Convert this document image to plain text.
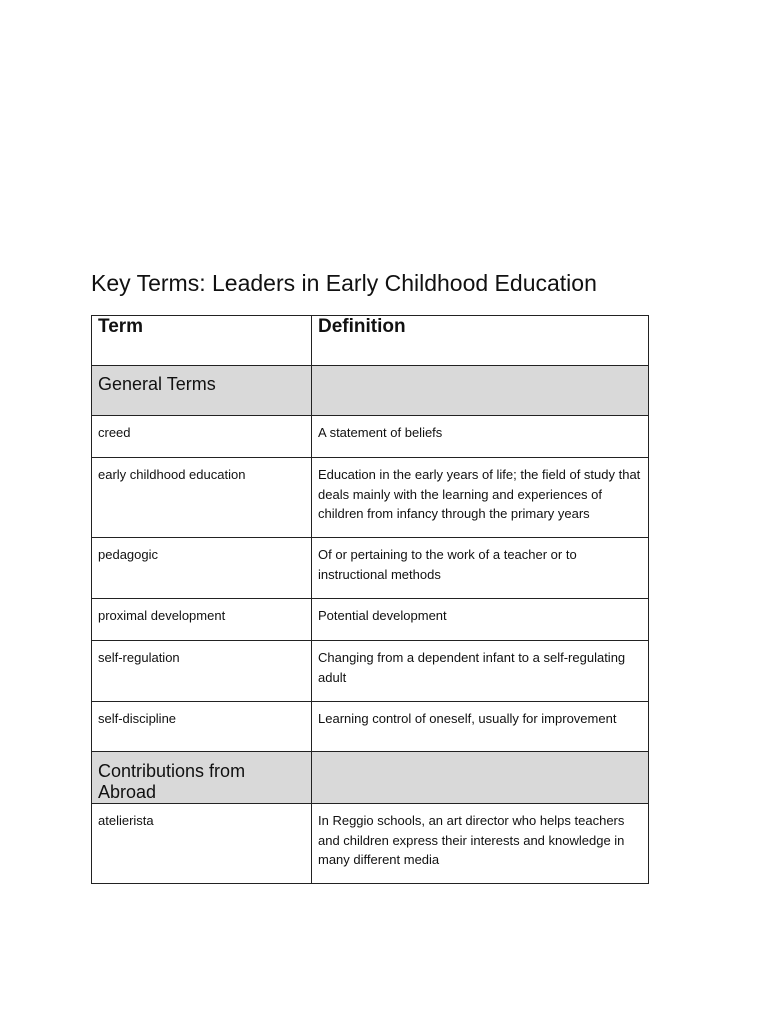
Key Terms: Leaders in Early Childhood Education
Term	Definition
General Terms	
creed	A statement of beliefs
early childhood education	Education in the early years of life; the field of study that deals mainly with the learning and experiences of children from infancy through the primary years
pedagogic	Of or pertaining to the work of a teacher or to instructional methods
proximal development	Potential development
self-regulation	Changing from a dependent infant to a self-regulating adult
self-discipline	Learning control of oneself, usually for improvement
Contributions from Abroad	
atelierista	In Reggio schools, an art director who helps teachers and children express their interests and knowledge in many different media
